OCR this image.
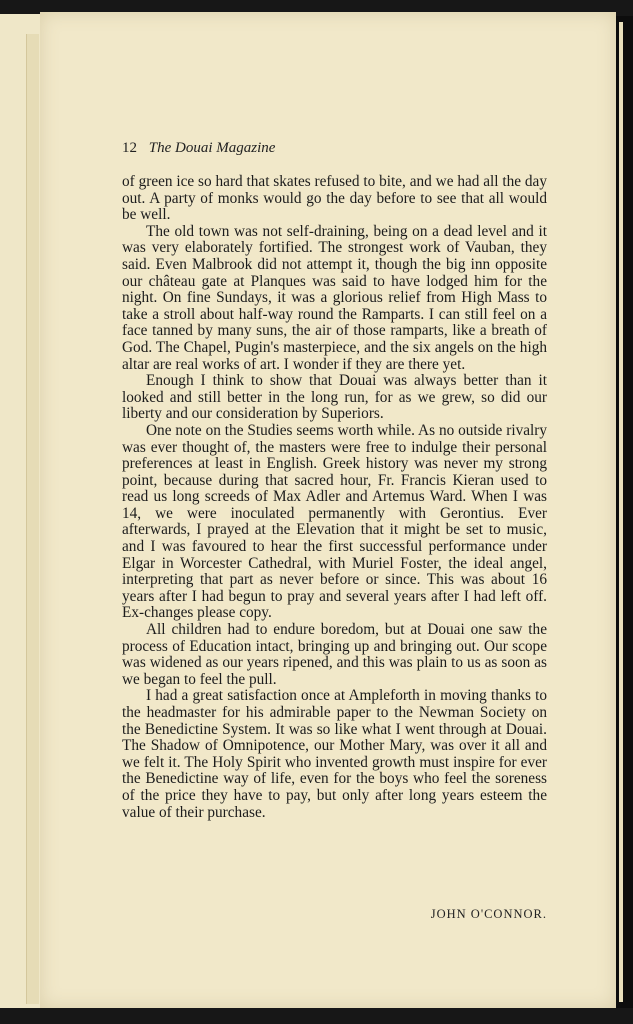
12 The Douai Magazine

of green ice so hard that skates refused to bite, and we had all the day out. A party of monks would go the day before to see that all would be well.

The old town was not self-draining, being on a dead level and it was very elaborately fortified. The strongest work of Vauban, they said. Even Malbrook did not attempt it, though the big inn opposite our château gate at Planques was said to have lodged him for the night. On fine Sundays, it was a glorious relief from High Mass to take a stroll about half-way round the Ramparts. I can still feel on a face tanned by many suns, the air of those ramparts, like a breath of God. The Chapel, Pugin's masterpiece, and the six angels on the high altar are real works of art. I wonder if they are there yet.

Enough I think to show that Douai was always better than it looked and still better in the long run, for as we grew, so did our liberty and our consideration by Superiors.

One note on the Studies seems worth while. As no outside rivalry was ever thought of, the masters were free to indulge their personal preferences at least in English. Greek history was never my strong point, because during that sacred hour, Fr. Francis Kieran used to read us long screeds of Max Adler and Artemus Ward. When I was 14, we were inoculated permanently with Gerontius. Ever afterwards, I prayed at the Elevation that it might be set to music, and I was favoured to hear the first successful performance under Elgar in Worcester Cathedral, with Muriel Foster, the ideal angel, interpreting that part as never before or since. This was about 16 years after I had begun to pray and several years after I had left off. Ex-changes please copy.

All children had to endure boredom, but at Douai one saw the process of Education intact, bringing up and bringing out. Our scope was widened as our years ripened, and this was plain to us as soon as we began to feel the pull.

I had a great satisfaction once at Ampleforth in moving thanks to the headmaster for his admirable paper to the Newman Society on the Benedictine System. It was so like what I went through at Douai. The Shadow of Omnipotence, our Mother Mary, was over it all and we felt it. The Holy Spirit who invented growth must inspire for ever the Benedictine way of life, even for the boys who feel the soreness of the price they have to pay, but only after long years esteem the value of their purchase.

JOHN O'CONNOR.
